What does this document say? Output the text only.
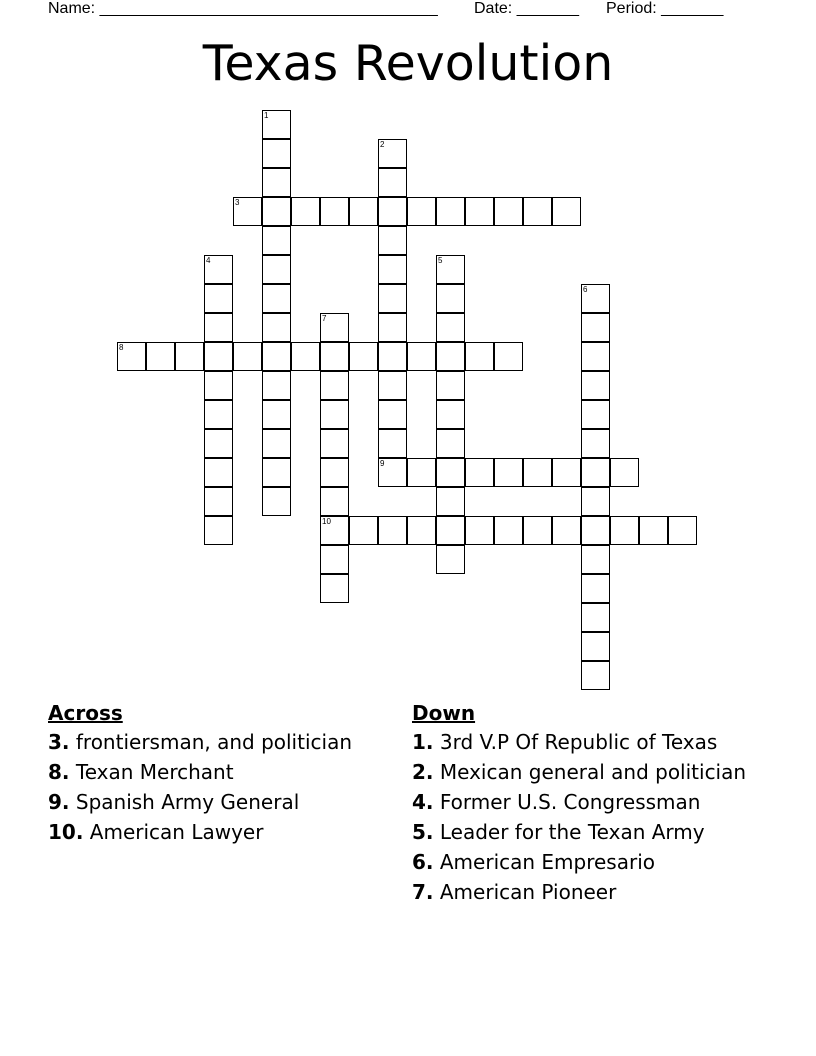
Name: ______________________________________ Date: _______ Period: _______
Texas Revolution
1
2
9
3
4	5
6
7
10
8
Across
3. frontiersman, and politician
8. Texan Merchant
9. Spanish Army General
10. American Lawyer
Down
1. 3rd V.P Of Republic of Texas
2. Mexican general and politician
4. Former U.S. Congressman
5. Leader for the Texan Army
6. American Empresario
7. American Pioneer
